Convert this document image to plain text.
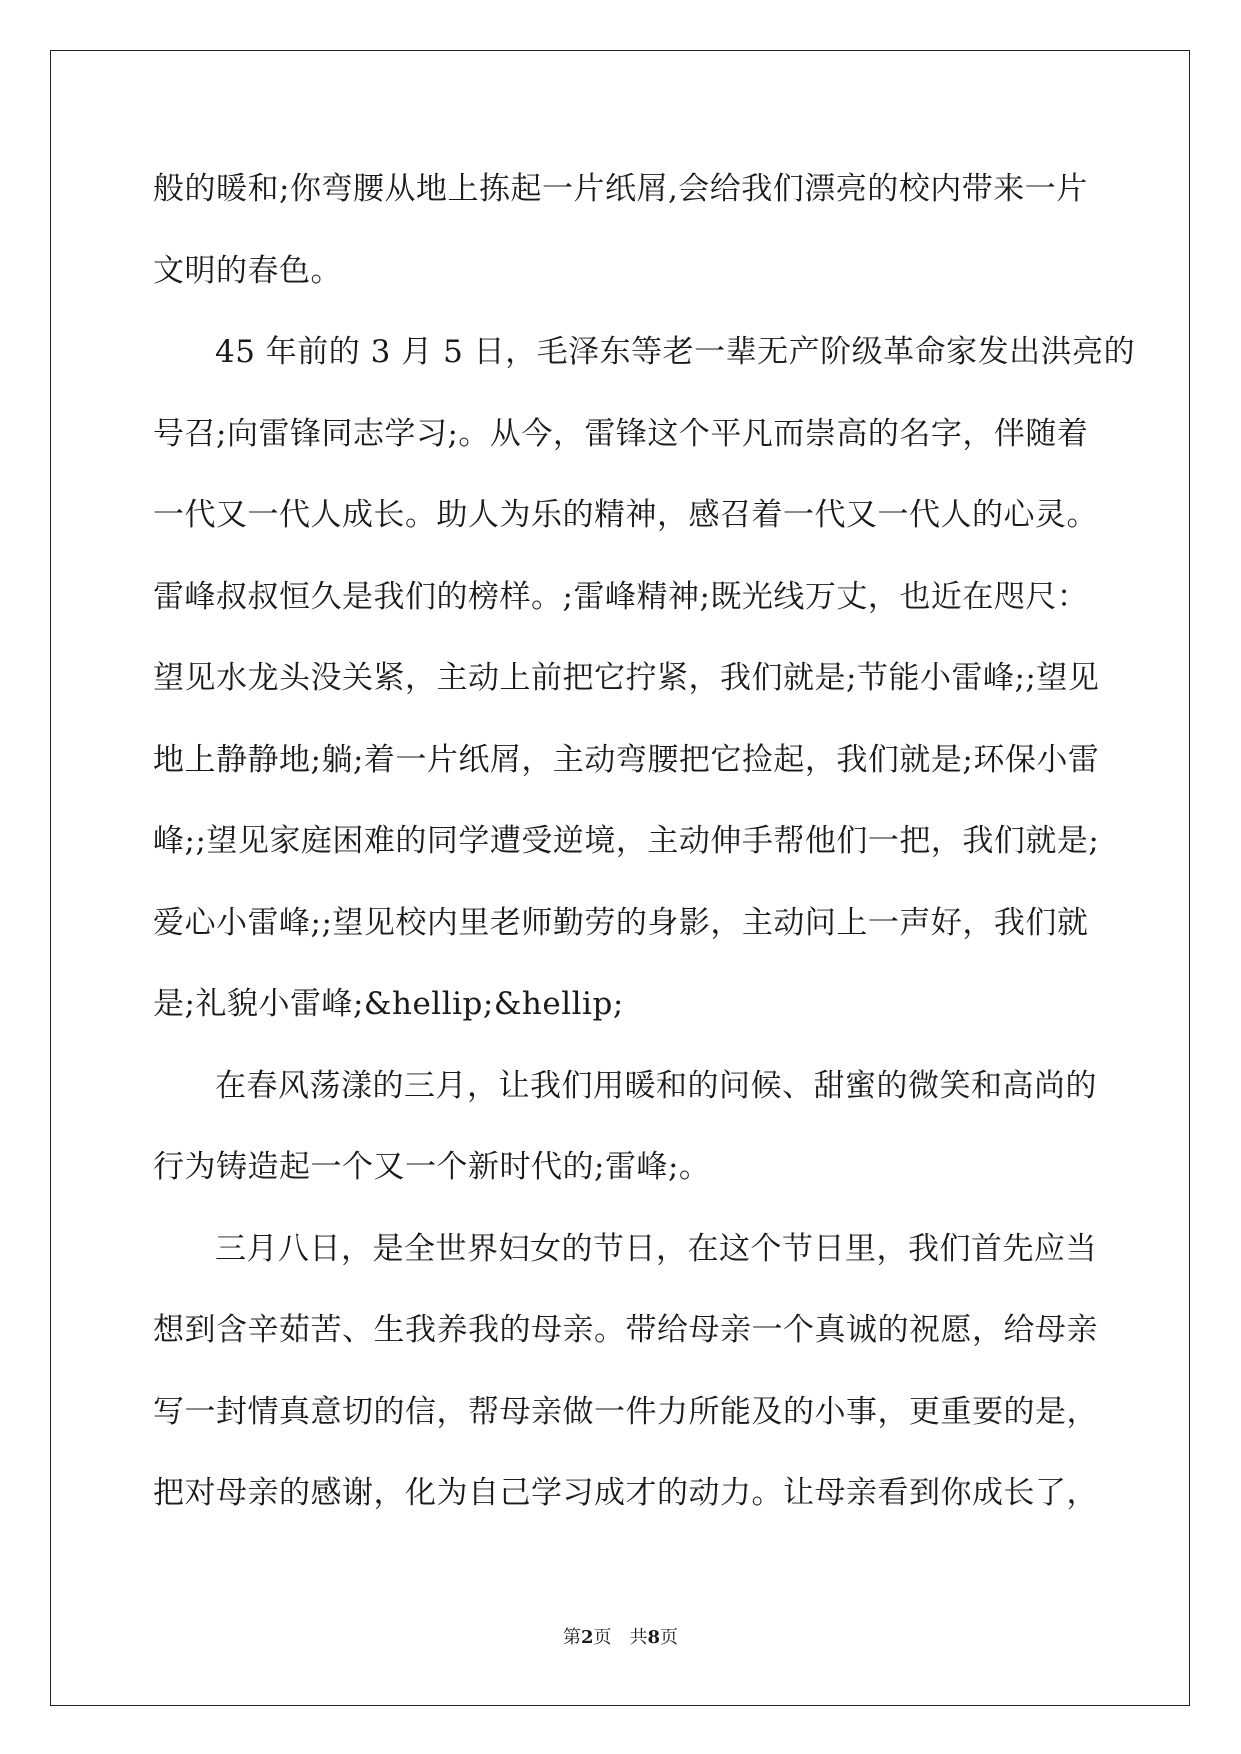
般的暖和;你弯腰从地上拣起一片纸屑,会给我们漂亮的校内带来一片
文明的春色。
45 年前的 3 月 5 日，毛泽东等老一辈无产阶级革命家发出洪亮的
号召;向雷锋同志学习;。从今，雷锋这个平凡而崇高的名字，伴随着
一代又一代人成长。助人为乐的精神，感召着一代又一代人的心灵。
雷峰叔叔恒久是我们的榜样。;雷峰精神;既光线万丈，也近在咫尺：
望见水龙头没关紧，主动上前把它拧紧，我们就是;节能小雷峰;;望见
地上静静地;躺;着一片纸屑，主动弯腰把它捡起，我们就是;环保小雷
峰;;望见家庭困难的同学遭受逆境，主动伸手帮他们一把，我们就是;
爱心小雷峰;;望见校内里老师勤劳的身影，主动问上一声好，我们就
是;礼貌小雷峰;&hellip;&hellip;
在春风荡漾的三月，让我们用暖和的问候、甜蜜的微笑和高尚的
行为铸造起一个又一个新时代的;雷峰;。
三月八日，是全世界妇女的节日，在这个节日里，我们首先应当
想到含辛茹苦、生我养我的母亲。带给母亲一个真诚的祝愿，给母亲
写一封情真意切的信，帮母亲做一件力所能及的小事，更重要的是，
把对母亲的感谢，化为自己学习成才的动力。让母亲看到你成长了，
第2页 共8页
